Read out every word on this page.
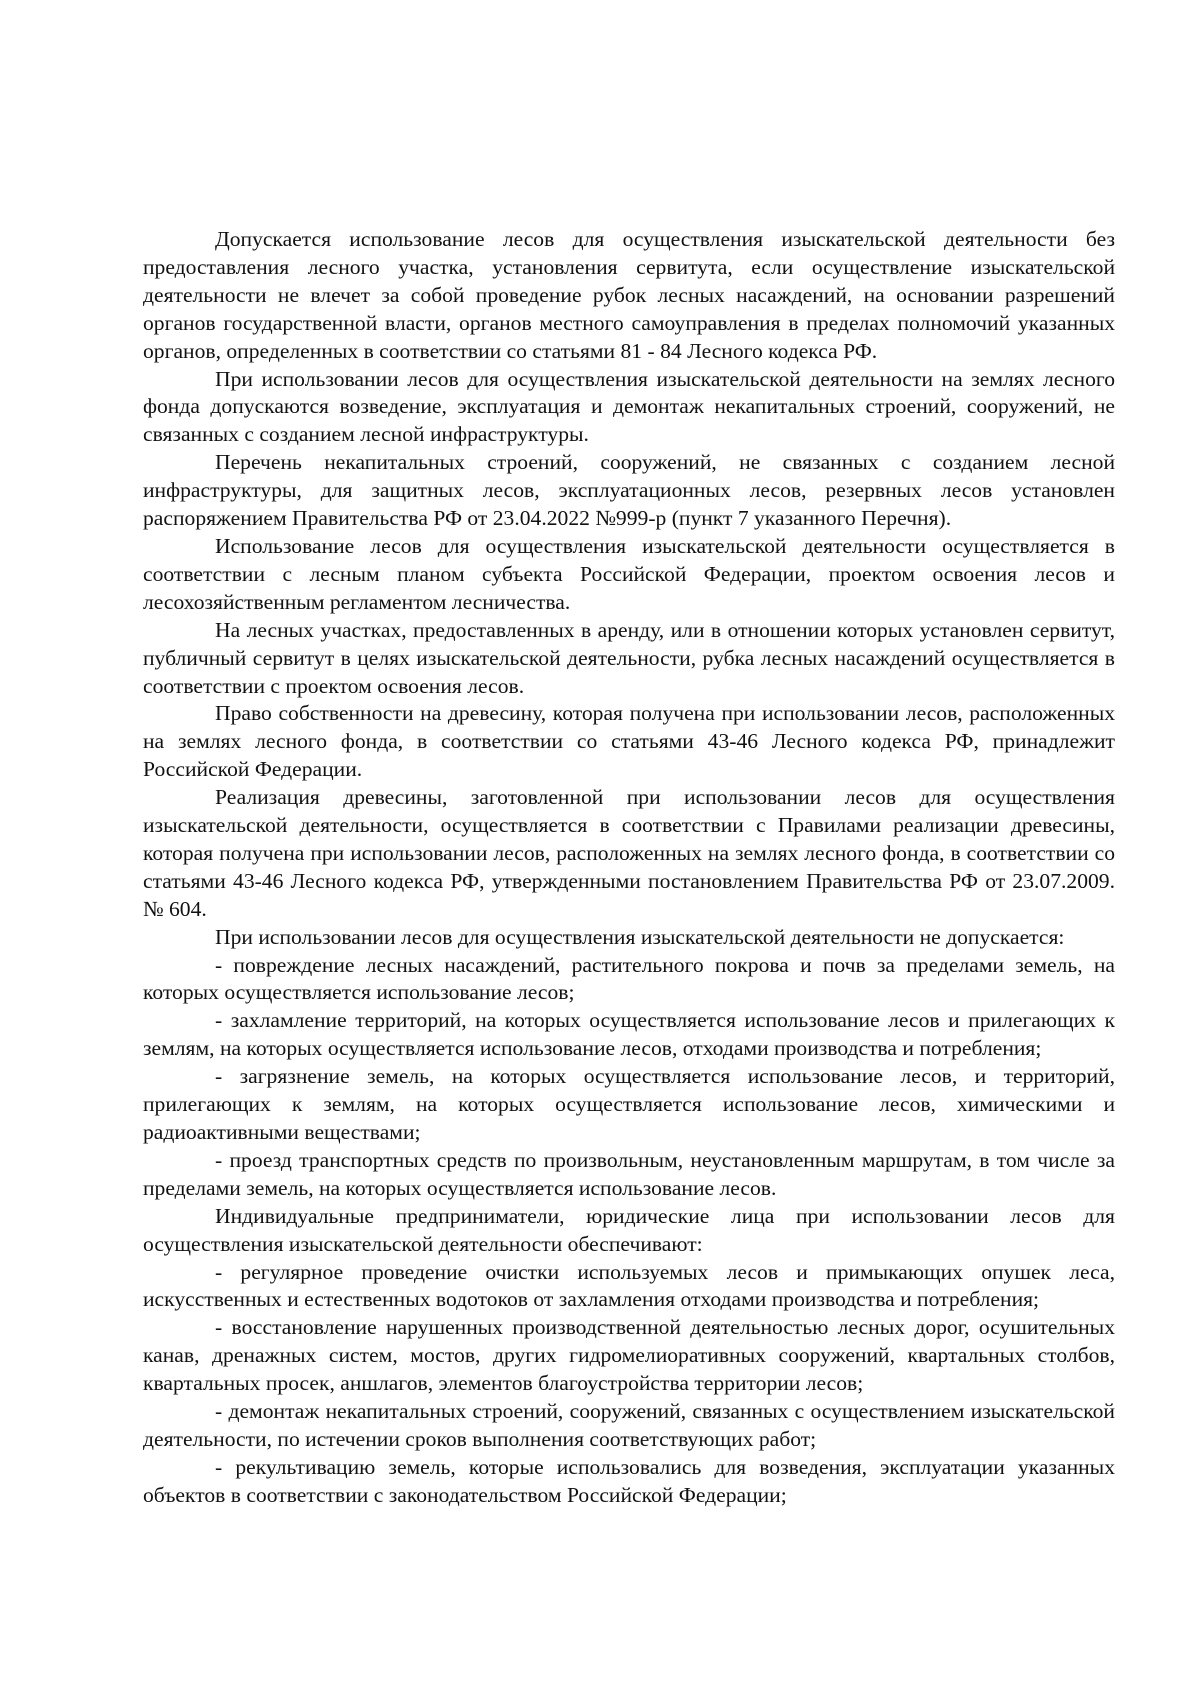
Допускается использование лесов для осуществления изыскательской деятельности без предоставления лесного участка, установления сервитута, если осуществление изыскательской деятельности не влечет за собой проведение рубок лесных насаждений, на основании разрешений органов государственной власти, органов местного самоуправления в пределах полномочий указанных органов, определенных в соответствии со статьями 81 - 84 Лесного кодекса РФ.

При использовании лесов для осуществления изыскательской деятельности на землях лесного фонда допускаются возведение, эксплуатация и демонтаж некапитальных строений, сооружений, не связанных с созданием лесной инфраструктуры.

Перечень некапитальных строений, сооружений, не связанных с созданием лесной инфраструктуры, для защитных лесов, эксплуатационных лесов, резервных лесов установлен распоряжением Правительства РФ от 23.04.2022 №999-р (пункт 7 указанного Перечня).

Использование лесов для осуществления изыскательской деятельности осуществляется в соответствии с лесным планом субъекта Российской Федерации, проектом освоения лесов и лесохозяйственным регламентом лесничества.

На лесных участках, предоставленных в аренду, или в отношении которых установлен сервитут, публичный сервитут в целях изыскательской деятельности, рубка лесных насаждений осуществляется в соответствии с проектом освоения лесов.

Право собственности на древесину, которая получена при использовании лесов, расположенных на землях лесного фонда, в соответствии со статьями 43-46 Лесного кодекса РФ, принадлежит Российской Федерации.

Реализация древесины, заготовленной при использовании лесов для осуществления изыскательской деятельности, осуществляется в соответствии с Правилами реализации древесины, которая получена при использовании лесов, расположенных на землях лесного фонда, в соответствии со статьями 43-46 Лесного кодекса РФ, утвержденными постановлением Правительства РФ от 23.07.2009. № 604.

При использовании лесов для осуществления изыскательской деятельности не допускается:

- повреждение лесных насаждений, растительного покрова и почв за пределами земель, на которых осуществляется использование лесов;

- захламление территорий, на которых осуществляется использование лесов и прилегающих к землям, на которых осуществляется использование лесов, отходами производства и потребления;

- загрязнение земель, на которых осуществляется использование лесов, и территорий, прилегающих к землям, на которых осуществляется использование лесов, химическими и радиоактивными веществами;

- проезд транспортных средств по произвольным, неустановленным маршрутам, в том числе за пределами земель, на которых осуществляется использование лесов.

Индивидуальные предприниматели, юридические лица при использовании лесов для осуществления изыскательской деятельности обеспечивают:

- регулярное проведение очистки используемых лесов и примыкающих опушек леса, искусственных и естественных водотоков от захламления отходами производства и потребления;

- восстановление нарушенных производственной деятельностью лесных дорог, осушительных канав, дренажных систем, мостов, других гидромелиоративных сооружений, квартальных столбов, квартальных просек, аншлагов, элементов благоустройства территории лесов;

- демонтаж некапитальных строений, сооружений, связанных с осуществлением изыскательской деятельности, по истечении сроков выполнения соответствующих работ;

- рекультивацию земель, которые использовались для возведения, эксплуатации указанных объектов в соответствии с законодательством Российской Федерации;
